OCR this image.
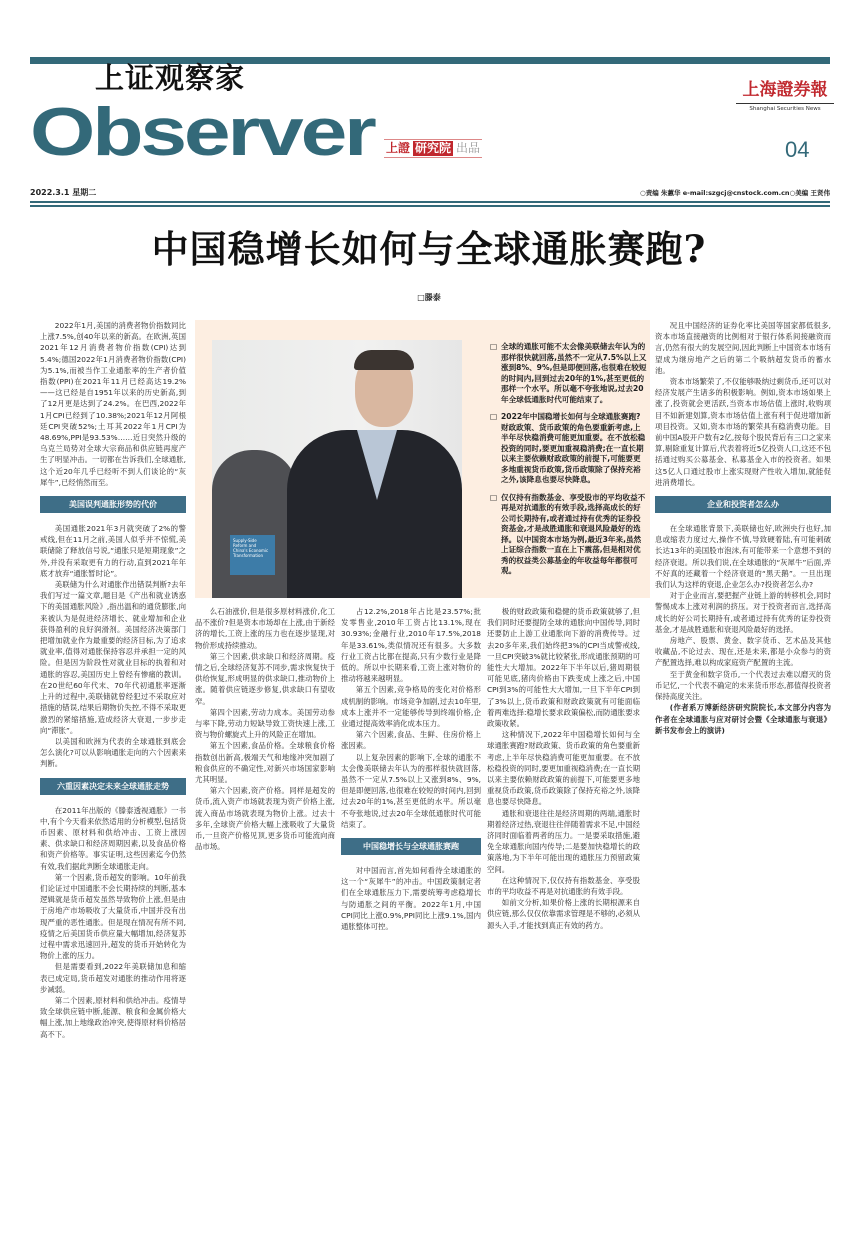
上证观察家
Observer 上證 研究院 出品
上海證券報
Shanghai Securities News
04
2022.3.1 星期二	○责编 朱蕙华 e-mail:szgcj@cnstock.com.cn○美编 王贤伟
中国稳增长如何与全球通胀赛跑?
□滕泰

2022年1月,美国的消费者物价指数同比上涨7.5%,创40年以来的新高。在欧洲,英国2021年12月消费者物价指数(CPI)达到5.4%;德国2022年1月消费者物价指数(CPI)为5.1%,而被当作工业通胀率的生产者价值指数(PPI)在2021年11月已经高达19.2%——这已经是自1951年以来的历史新高,到了12月更是达到了24.2%。在巴西,2022年1月CPI已经到了10.38%;2021年12月阿根廷CPI突破52%;土耳其2022年1月CPI为48.69%,PPI是93.53%……近日突然升级的乌克兰局势对全球大宗商品和供应链再度产生了明显冲击。一切都在告诉我们,全球通胀,这个近20年几乎已经听不到人们谈论的“灰犀牛”,已经悄然而至。

美国误判通胀形势的代价

美国通胀2021年3月就突破了2%的警戒线,但在11月之前,美国人似乎并不惊慌,美联储除了释放信号说,“通胀只是短期现象”之外,并没有采取更有力的行动,直到2021年年底才放弃“通胀暂时论”。

美联储为什么对通胀作出错误判断?去年我们写过一篇文章,题目是《产出和就业诱惑下的美国通胀风险》,指出温和的通货膨胀,向来被认为是促进经济增长、就业增加和企业获得盈利的良好润滑剂。美国经济决策部门把增加就业作为最重要的经济目标,为了追求就业率,值得对通胀保持容忍并承担一定的风险。但是因为阶段性对就业目标的执着和对通胀的容忍,美国历史上曾经有惨痛的教训。在20世纪60年代末、70年代初通胀率逐渐上升的过程中,美联储就曾经犯过不采取应对措施的错误,结果后期物价失控,不得不采取更激烈的紧缩措施,造成经济大衰退,一步步走向“滞胀”。

以美国和欧洲为代表的全球通胀到底会怎么演化?可以从影响通胀走向的六个因素来判断。

六重因素决定未来全球通胀走势

在2011年出版的《滕泰透视通胀》一书中,有个今天看来依然适用的分析模型,包括货币因素、原材料和供给冲击、工资上涨因素、供求缺口和经济周期因素,以及食品价格和资产价格等。事实证明,这些因素迄今仍然有效,我们据此判断全球通胀走向。

第一个因素,货币超发的影响。10年前我们论证过中国通胀不会长期持续的判断,基本逻辑就是货币超发虽然导致物价上涨,但是由于房地产市场吸收了大量货币,中国并没有出现严重的恶性通胀。但是现在情况有所不同,疫情之后美国货币供应量大幅增加,经济复苏过程中需求迅速回升,超发的货币开始转化为物价上涨的压力。

但是需要看到,2022年美联储加息和缩表已成定局,货币超发对通胀的推动作用将逐步减弱。

第二个因素,原材料和供给冲击。疫情导致全球供应链中断,能源、粮食和金属价格大幅上涨,加上地缘政治冲突,使得原材料价格居高不下。

Supply-Side Reform and China's Economic Transformation
□ 全球的通胀可能不太会像美联储去年认为的那样很快就回落,虽然不一定从7.5%以上又涨到8%、9%,但是即便回落,也很难在较短的时间内,回到过去20年的1%,甚至更低的那样一个水平。所以毫不夸张地说,过去20年全球低通胀时代可能结束了。
□ 2022年中国稳增长如何与全球通胀赛跑?财政政策、货币政策的角色要重新考虑,上半年尽快稳消费可能更加重要。在不放松稳投资的同时,要更加重视稳消费;在一直长期以来主要依赖财政政策的前提下,可能要更多地重视货币政策,货币政策除了保持充裕之外,该降息也要尽快降息。
□ 仅仅持有指数基金、享受股市的平均收益不再是对抗通胀的有效手段,选择高成长的好公司长期持有,或者通过持有优秀的证券投资基金,才是战胜通胀和衰退风险最好的选择。以中国资本市场为例,最近3年来,虽然上证综合指数一直在上下震荡,但是相对优秀的权益类公募基金的年收益每年都很可观。

么石油涨价,但是很多原材料涨价,化工品不涨价?但是资本市场却在上涨,由于新经济的增长,工资上涨的压力也在逐步显现,对物价形成持续推动。

第三个因素,供求缺口和经济周期。疫情之后,全球经济复苏不同步,需求恢复快于供给恢复,形成明显的供求缺口,推动物价上涨。随着供应链逐步修复,供求缺口有望收窄。

第四个因素,劳动力成本。美国劳动参与率下降,劳动力短缺导致工资快速上涨,工资与物价螺旋式上升的风险正在增加。

第五个因素,食品价格。全球粮食价格指数创出新高,极端天气和地缘冲突加剧了粮食供应的不确定性,对新兴市场国家影响尤其明显。

第六个因素,资产价格。同样是超发的货币,流入资产市场就表现为资产价格上涨,流入商品市场就表现为物价上涨。过去十多年,全球资产价格大幅上涨吸收了大量货币,一旦资产价格见顶,更多货币可能流向商品市场。

占12.2%,2018年占比是23.57%;批发零售业,2010年工资占比13.1%,现在30.93%;金融行业,2010年17.5%,2018年是33.61%,类似情况还有很多。大多数行业工资占比都在提高,只有少数行业是降低的。所以中长期来看,工资上涨对物价的推动将越来越明显。

第五个因素,竞争格局的变化对价格形成机制的影响。市场竞争加剧,过去10年里,成本上涨并不一定能够传导到终端价格,企业通过提高效率消化成本压力。

第六个因素,食品、生鲜、住房价格上涨因素。

以上复杂因素的影响下,全球的通胀不太会像美联储去年认为的那样很快就回落,虽然不一定从7.5%以上又涨到8%、9%,但是即便回落,也很难在较短的时间内,回到过去20年的1%,甚至更低的水平。所以毫不夸张地说,过去20年全球低通胀时代可能结束了。

中国稳增长与全球通胀赛跑

对中国而言,首先如何看待全球通胀的这一个“灰犀牛”的冲击。中国政策制定者们在全球通胀压力下,需要统筹考虑稳增长与防通胀之间的平衡。2022年1月,中国CPI同比上涨0.9%,PPI同比上涨9.1%,国内通胀整体可控。

极的财政政策和稳健的货币政策就够了,但我们同时还要提防全球的通胀向中国传导,同时还要防止上游工业通胀向下游的消费传导。过去20多年来,我们始终把3%的CPI当成警戒线,一旦CPI突破3%就比较紧张,形成通胀预期的可能性大大增加。2022年下半年以后,猪周期很可能见底,猪肉价格由下跌变成上涨之后,中国CPI到3%的可能性大大增加,一旦下半年CPI到了3%以上,货币政策和财政政策就有可能面临着两难选择:稳增长要求政策偏松,而防通胀要求政策收紧。

这种情况下,2022年中国稳增长如何与全球通胀赛跑?财政政策、货币政策的角色要重新考虑,上半年尽快稳消费可能更加重要。在不放松稳投资的同时,要更加重视稳消费;在一直长期以来主要依赖财政政策的前提下,可能要更多地重视货币政策,货币政策除了保持充裕之外,该降息也要尽快降息。

通胀和衰退往往是经济周期的两端,通胀时期着经济过热,衰退往往伴随着需求不足,中国经济同时面临着两者的压力。一是要采取措施,避免全球通胀向国内传导;二是要加快稳增长的政策落地,为下半年可能出现的通胀压力预留政策空间。

在这种情况下,仅仅持有指数基金、享受股市的平均收益不再是对抗通胀的有效手段。

如前文分析,如果价格上涨的长期根源来自供应链,那么仅仅依靠需求管理是不够的,必须从源头入手,才能找到真正有效的药方。

况且中国经济的证券化率比美国等国家都低很多,资本市场直接融资的比例相对于银行体系间接融资而言,仍然有很大的发展空间,因此判断上中国资本市场有望成为继房地产之后的第二个吸纳超发货币的蓄水池。

资本市场繁荣了,不仅能够吸纳过剩货币,还可以对经济发展产生诸多的积极影响。例如,资本市场如果上涨了,投资就会更活跃,当资本市场估值上涨时,收购项目不如新建划算,资本市场估值上涨有利于促进增加新项目投资。又如,资本市场的繁荣具有稳消费功能。目前中国A股开户数有2亿,按每个股民背后有三口之家来算,剔除重复计算后,代表着将近5亿投资人口,这还不包括通过购买公募基金、私募基金入市的投资者。如果这5亿人口通过股市上涨实现财产性收入增加,就能促进消费增长。

企业和投资者怎么办

在全球通胀背景下,美联储也好,欧洲央行也好,加息或缩表力度过大,操作不慎,导致硬着陆,有可能刺破长达13年的美国股市泡沫,有可能带来一个意想不到的经济衰退。所以我们说,在全球通胀的“灰犀牛”后面,弄不好真的还藏着一个经济衰退的“黑天鹅”。一旦出现我们认为这样的衰退,企业怎么办?投资者怎么办?

对于企业而言,要把握产业链上游的转移机会,同时警惕成本上涨对利润的挤压。对于投资者而言,选择高成长的好公司长期持有,或者通过持有优秀的证券投资基金,才是战胜通胀和衰退风险最好的选择。

房地产、股票、黄金、数字货币、艺术品及其他收藏品,不论过去、现在,还是未来,都是小众参与的资产配置选择,难以构成家庭资产配置的主流。

至于黄金和数字货币,一个代表过去难以磨灭的货币记忆,一个代表不确定的未来货币形态,都值得投资者保持高度关注。

(作者系万博新经济研究院院长,本文部分内容为作者在全球通胀与应对研讨会暨《全球通胀与衰退》新书发布会上的演讲)
